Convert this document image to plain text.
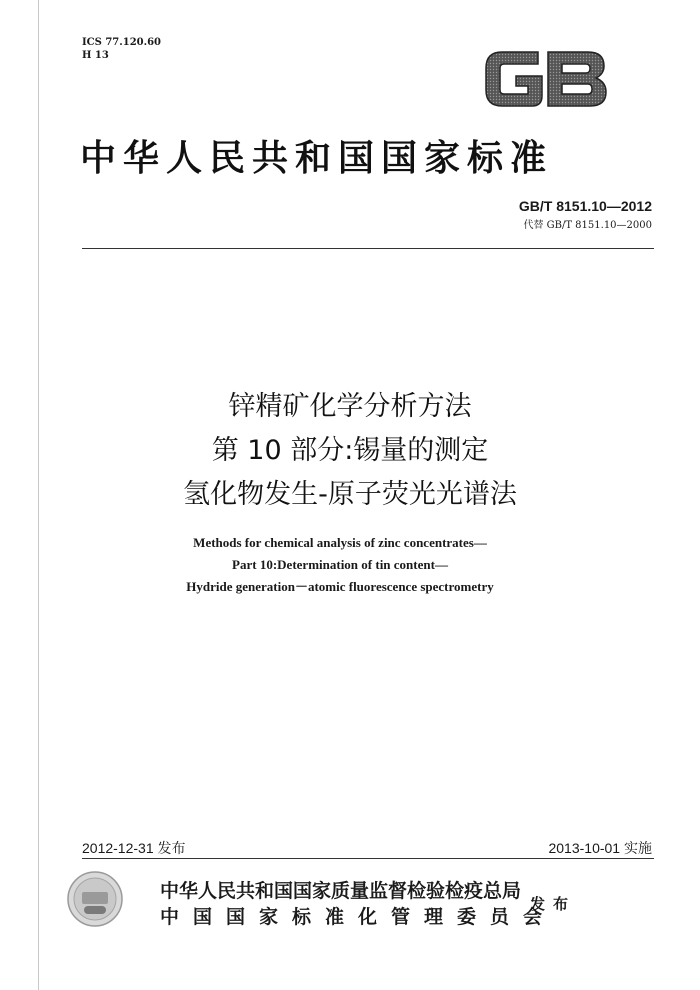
ICS 77.120.60
H 13
GB
中华人民共和国国家标准
GB/T 8151.10—2012
代替 GB/T 8151.10—2000
锌精矿化学分析方法
第 10 部分:锡量的测定
氢化物发生-原子荧光光谱法
Methods for chemical analysis of zinc concentrates—
Part 10:Determination of tin content—
Hydride generation－atomic fluorescence spectrometry
2012-12-31 发布	2013-10-01 实施
中华人民共和国国家质量监督检验检疫总局
中国国家标准化管理委员会
发布
